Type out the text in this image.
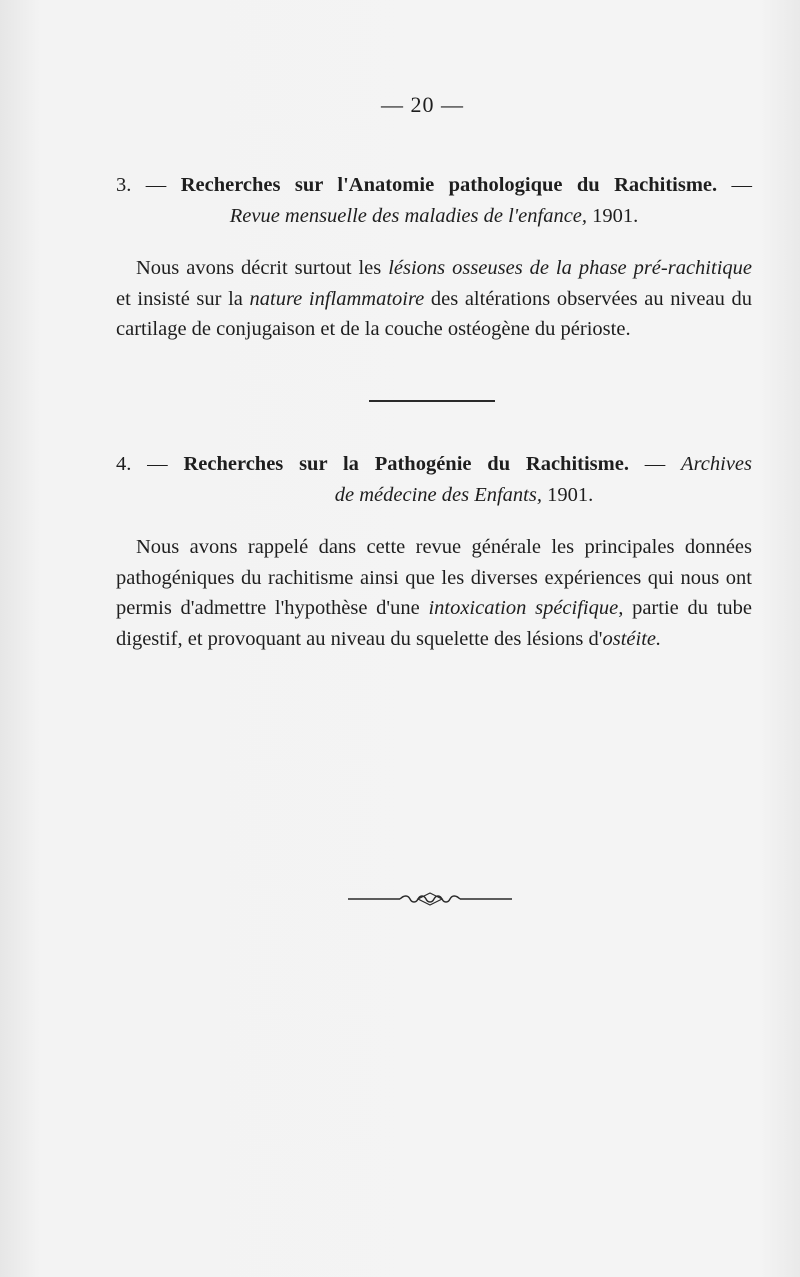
— 20 —
3. — Recherches sur l'Anatomie pathologique du Rachitisme. —
Revue mensuelle des maladies de l'enfance, 1901.
Nous avons décrit surtout les lésions osseuses de la phase pré-rachitique et insisté sur la nature inflammatoire des altérations observées au niveau du cartilage de conjugaison et de la couche ostéogène du périoste.
4. — Recherches sur la Pathogénie du Rachitisme. — Archives
de médecine des Enfants, 1901.
Nous avons rappelé dans cette revue générale les principales données pathogéniques du rachitisme ainsi que les diverses expériences qui nous ont permis d'admettre l'hypothèse d'une intoxication spécifique, partie du tube digestif, et provoquant au niveau du squelette des lésions d'ostéite.
